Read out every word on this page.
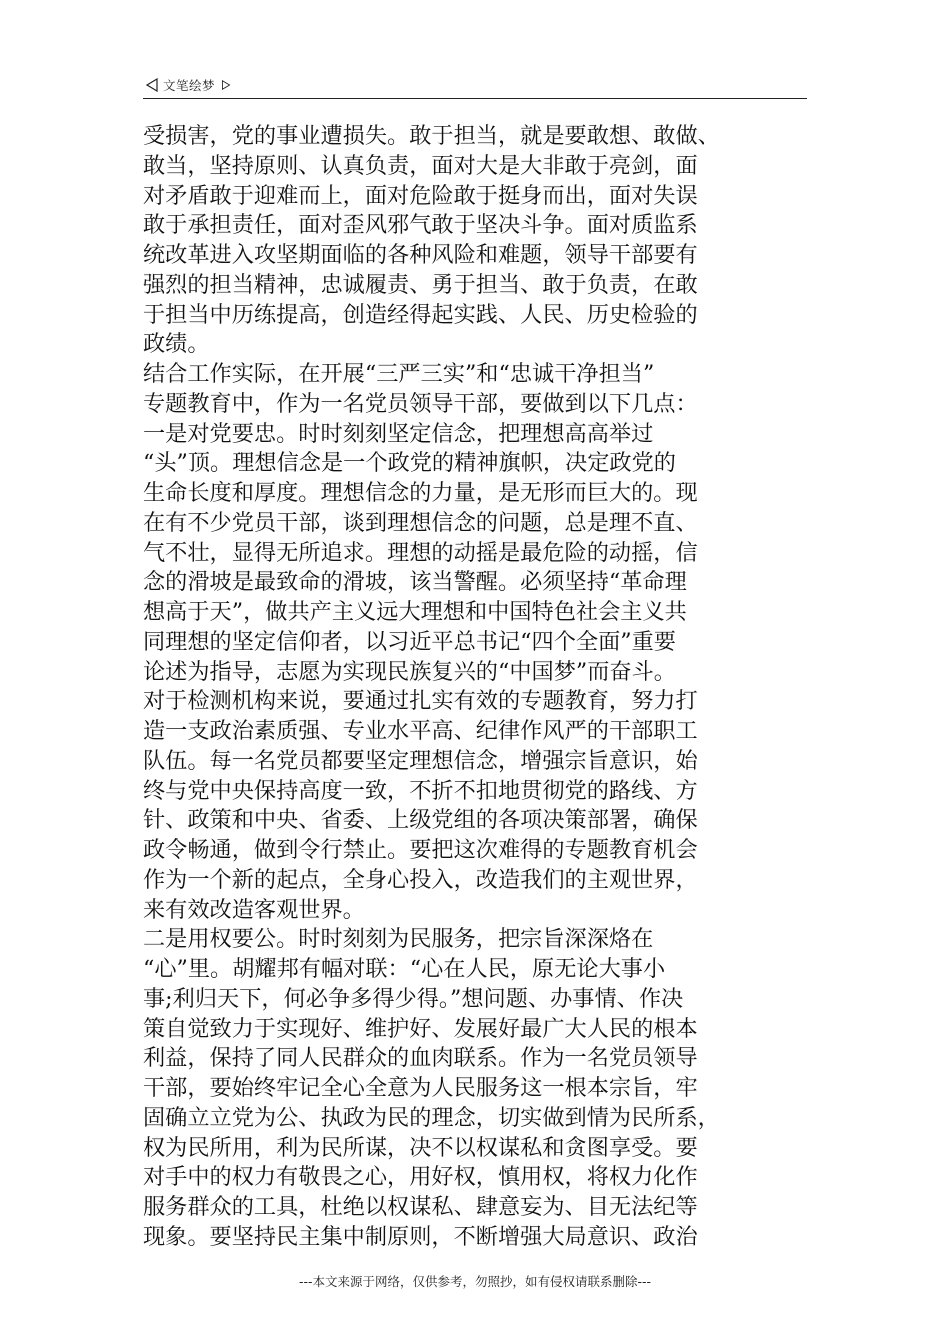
文笔绘梦

受损害，党的事业遭损失。敢于担当，就是要敢想、敢做、
敢当，坚持原则、认真负责，面对大是大非敢于亮剑，面
对矛盾敢于迎难而上，面对危险敢于挺身而出，面对失误
敢于承担责任，面对歪风邪气敢于坚决斗争。面对质监系
统改革进入攻坚期面临的各种风险和难题，领导干部要有
强烈的担当精神，忠诚履责、勇于担当、敢于负责，在敢
于担当中历练提高，创造经得起实践、人民、历史检验的
政绩。

结合工作实际，在开展“三严三实”和“忠诚干净担当”
专题教育中，作为一名党员领导干部，要做到以下几点：

一是对党要忠。时时刻刻坚定信念，把理想高高举过
“头”顶。理想信念是一个政党的精神旗帜，决定政党的
生命长度和厚度。理想信念的力量，是无形而巨大的。现
在有不少党员干部，谈到理想信念的问题，总是理不直、
气不壮，显得无所追求。理想的动摇是最危险的动摇，信
念的滑坡是最致命的滑坡，该当警醒。必须坚持“革命理
想高于天”，做共产主义远大理想和中国特色社会主义共
同理想的坚定信仰者，以习近平总书记“四个全面”重要
论述为指导，志愿为实现民族复兴的“中国梦”而奋斗。
对于检测机构来说，要通过扎实有效的专题教育，努力打
造一支政治素质强、专业水平高、纪律作风严的干部职工
队伍。每一名党员都要坚定理想信念，增强宗旨意识，始
终与党中央保持高度一致，不折不扣地贯彻党的路线、方
针、政策和中央、省委、上级党组的各项决策部署，确保
政令畅通，做到令行禁止。要把这次难得的专题教育机会
作为一个新的起点，全身心投入，改造我们的主观世界，
来有效改造客观世界。

二是用权要公。时时刻刻为民服务，把宗旨深深烙在
“心”里。胡耀邦有幅对联：“心在人民，原无论大事小
事;利归天下，何必争多得少得。”想问题、办事情、作决
策自觉致力于实现好、维护好、发展好最广大人民的根本
利益，保持了同人民群众的血肉联系。作为一名党员领导
干部，要始终牢记全心全意为人民服务这一根本宗旨，牢
固确立立党为公、执政为民的理念，切实做到情为民所系，
权为民所用，利为民所谋，决不以权谋私和贪图享受。要
对手中的权力有敬畏之心，用好权，慎用权，将权力化作
服务群众的工具，杜绝以权谋私、肆意妄为、目无法纪等
现象。要坚持民主集中制原则，不断增强大局意识、政治

---本文来源于网络，仅供参考，勿照抄，如有侵权请联系删除---
